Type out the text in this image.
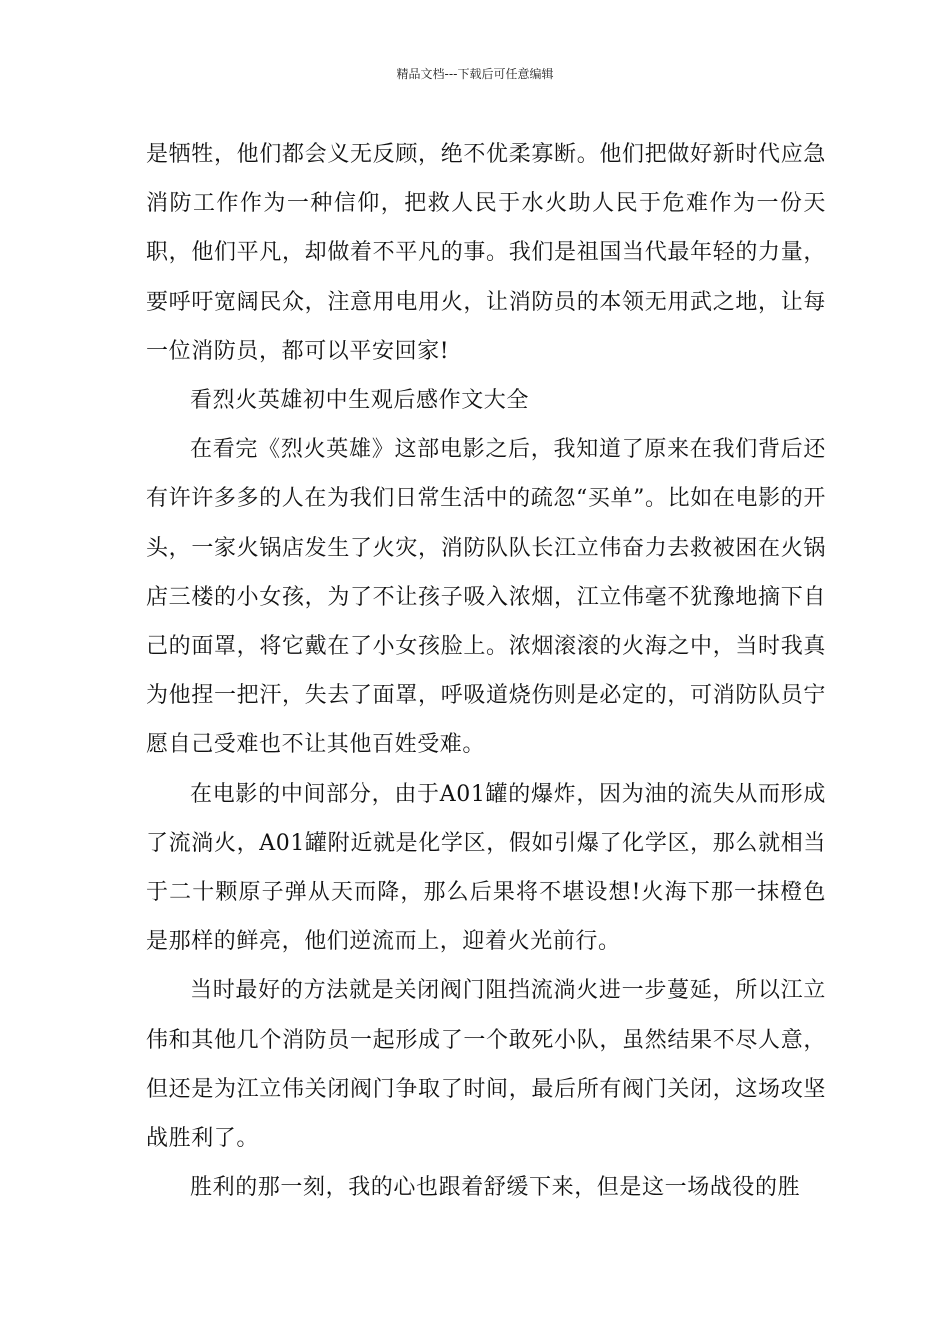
精品文档---下载后可任意编辑

是牺牲，他们都会义无反顾，绝不优柔寡断。他们把做好新时代应急消防工作作为一种信仰，把救人民于水火助人民于危难作为一份天职，他们平凡，却做着不平凡的事。我们是祖国当代最年轻的力量，要呼吁宽阔民众，注意用电用火，让消防员的本领无用武之地，让每一位消防员，都可以平安回家!

看烈火英雄初中生观后感作文大全

在看完《烈火英雄》这部电影之后，我知道了原来在我们背后还有许许多多的人在为我们日常生活中的疏忽“买单”。比如在电影的开头，一家火锅店发生了火灾，消防队队长江立伟奋力去救被困在火锅店三楼的小女孩，为了不让孩子吸入浓烟，江立伟毫不犹豫地摘下自己的面罩，将它戴在了小女孩脸上。浓烟滚滚的火海之中，当时我真为他捏一把汗，失去了面罩，呼吸道烧伤则是必定的，可消防队员宁愿自己受难也不让其他百姓受难。

在电影的中间部分，由于A01罐的爆炸，因为油的流失从而形成了流淌火，A01罐附近就是化学区，假如引爆了化学区，那么就相当于二十颗原子弹从天而降，那么后果将不堪设想!火海下那一抹橙色是那样的鲜亮，他们逆流而上，迎着火光前行。

当时最好的方法就是关闭阀门阻挡流淌火进一步蔓延，所以江立伟和其他几个消防员一起形成了一个敢死小队，虽然结果不尽人意，但还是为江立伟关闭阀门争取了时间，最后所有阀门关闭，这场攻坚战胜利了。

胜利的那一刻，我的心也跟着舒缓下来，但是这一场战役的胜
